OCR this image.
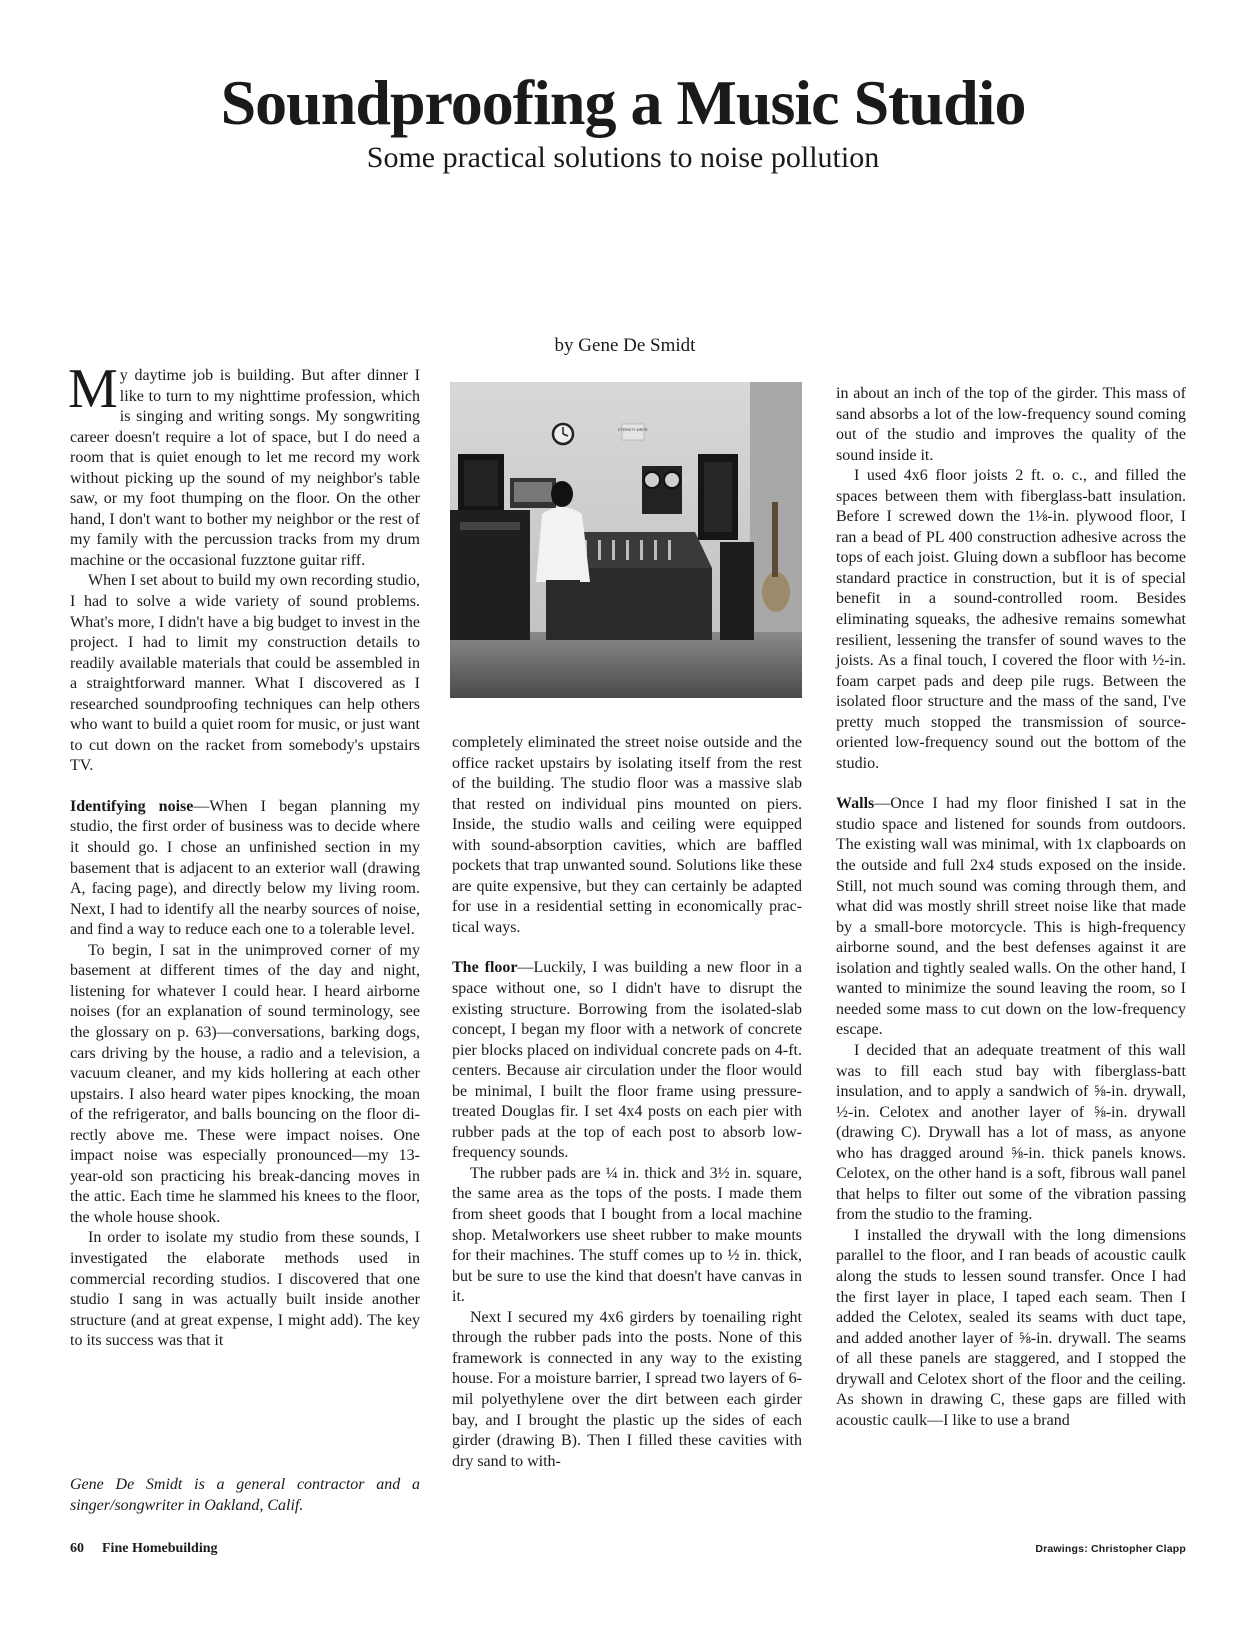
Soundproofing a Music Studio
Some practical solutions to noise pollution
by Gene De Smidt

My daytime job is building. But after dinner I like to turn to my nighttime profession, which is singing and writing songs. My songwriting career doesn't require a lot of space, but I do need a room that is quiet enough to let me record my work without picking up the sound of my neighbor's table saw, or my foot thumping on the floor. On the other hand, I don't want to bother my neighbor or the rest of my family with the percussion tracks from my drum machine or the occasional fuzztone guitar riff.

When I set about to build my own recording studio, I had to solve a wide variety of sound problems. What's more, I didn't have a big budget to invest in the project. I had to limit my construction details to readily available materials that could be assembled in a straightforward manner. What I discovered as I researched soundproofing techniques can help others who want to build a quiet room for music, or just want to cut down on the racket from somebody's upstairs TV.

Identifying noise—When I began planning my studio, the first order of business was to decide where it should go. I chose an unfinished section in my basement that is adjacent to an exterior wall (drawing A, facing page), and directly below my living room. Next, I had to identify all the nearby sources of noise, and find a way to reduce each one to a tolerable level.

To begin, I sat in the unimproved corner of my basement at different times of the day and night, listening for whatever I could hear. I heard airborne noises (for an explanation of sound terminology, see the glossary on p. 63)—conversations, barking dogs, cars driving by the house, a radio and a television, a vacuum cleaner, and my kids hollering at each other upstairs. I also heard water pipes knocking, the moan of the refrigerator, and balls bouncing on the floor directly above me. These were impact noises. One impact noise was especially pronounced—my 13-year-old son practicing his break-dancing moves in the attic. Each time he slammed his knees to the floor, the whole house shook.

In order to isolate my studio from these sounds, I investigated the elaborate methods used in commercial recording studios. I discovered that one studio I sang in was actually built inside another structure (and at great expense, I might add). The key to its success was that it

Gene De Smidt is a general contractor and a singer/songwriter in Oakland, Calif.
ETERNITY WRITE

completely eliminated the street noise outside and the office racket upstairs by isolating itself from the rest of the building. The studio floor was a massive slab that rested on individual pins mounted on piers. Inside, the studio walls and ceiling were equipped with sound-absorption cavities, which are baffled pockets that trap unwanted sound. Solutions like these are quite expensive, but they can certainly be adapted for use in a residential setting in economically practical ways.

The floor—Luckily, I was building a new floor in a space without one, so I didn't have to disrupt the existing structure. Borrowing from the isolated-slab concept, I began my floor with a network of concrete pier blocks placed on individual concrete pads on 4-ft. centers. Because air circulation under the floor would be minimal, I built the floor frame using pressure-treated Douglas fir. I set 4x4 posts on each pier with rubber pads at the top of each post to absorb low-frequency sounds.

The rubber pads are ¼ in. thick and 3½ in. square, the same area as the tops of the posts. I made them from sheet goods that I bought from a local machine shop. Metalworkers use sheet rubber to make mounts for their machines. The stuff comes up to ½ in. thick, but be sure to use the kind that doesn't have canvas in it.

Next I secured my 4x6 girders by toenailing right through the rubber pads into the posts. None of this framework is connected in any way to the existing house. For a moisture barrier, I spread two layers of 6-mil polyethylene over the dirt between each girder bay, and I brought the plastic up the sides of each girder (drawing B). Then I filled these cavities with dry sand to with-

in about an inch of the top of the girder. This mass of sand absorbs a lot of the low-frequency sound coming out of the studio and improves the quality of the sound inside it.

I used 4x6 floor joists 2 ft. o. c., and filled the spaces between them with fiberglass-batt insulation. Before I screwed down the 1⅛-in. plywood floor, I ran a bead of PL 400 construction adhesive across the tops of each joist. Gluing down a subfloor has become standard practice in construction, but it is of special benefit in a sound-controlled room. Besides eliminating squeaks, the adhesive remains somewhat resilient, lessening the transfer of sound waves to the joists. As a final touch, I covered the floor with ½-in. foam carpet pads and deep pile rugs. Between the isolated floor structure and the mass of the sand, I've pretty much stopped the transmission of source-oriented low-frequency sound out the bottom of the studio.

Walls—Once I had my floor finished I sat in the studio space and listened for sounds from outdoors. The existing wall was minimal, with 1x clapboards on the outside and full 2x4 studs exposed on the inside. Still, not much sound was coming through them, and what did was mostly shrill street noise like that made by a small-bore motorcycle. This is high-frequency airborne sound, and the best defenses against it are isolation and tightly sealed walls. On the other hand, I wanted to minimize the sound leaving the room, so I needed some mass to cut down on the low-frequency escape.

I decided that an adequate treatment of this wall was to fill each stud bay with fiberglass-batt insulation, and to apply a sandwich of ⅝-in. drywall, ½-in. Celotex and another layer of ⅝-in. drywall (drawing C). Drywall has a lot of mass, as anyone who has dragged around ⅝-in. thick panels knows. Celotex, on the other hand is a soft, fibrous wall panel that helps to filter out some of the vibration passing from the studio to the framing.

I installed the drywall with the long dimensions parallel to the floor, and I ran beads of acoustic caulk along the studs to lessen sound transfer. Once I had the first layer in place, I taped each seam. Then I added the Celotex, sealed its seams with duct tape, and added another layer of ⅝-in. drywall. The seams of all these panels are staggered, and I stopped the drywall and Celotex short of the floor and the ceiling. As shown in drawing C, these gaps are filled with acoustic caulk—I like to use a brand

60 Fine Homebuilding	Drawings: Christopher Clapp
